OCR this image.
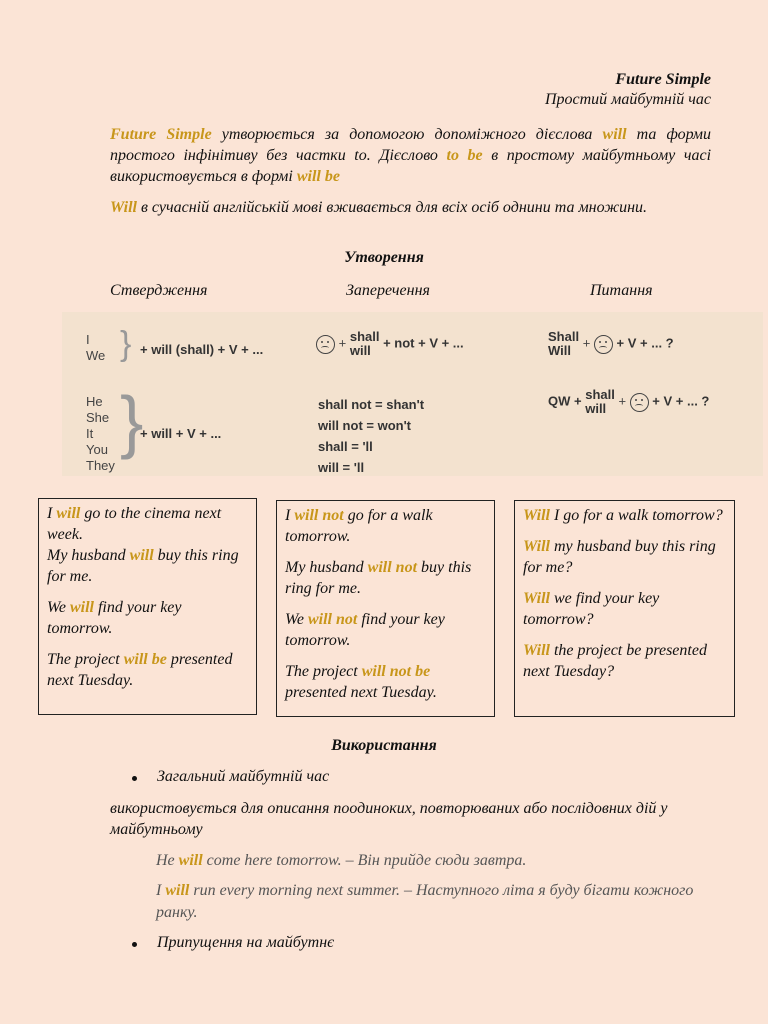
Future Simple
Простий майбутній час
Future Simple утворюється за допомогою допоміжного дієслова will та форми простого інфінітиву без частки to. Дієслово to be в простому майбутньому часі використовується в формі will be
Will в сучасній англійській мові вживається для всіх осіб однини та множини.
Утворення
Ствердження	Заперечення	Питання
I
We } + will (shall) + V + ...
He
She
It
You
They
}
+ will + V + ...
+ shall
will + not + V + ...
shall not = shan't
will not = won't
shall = 'll
will = 'll
Shall
Will +  + V + ... ?
QW + shall
will +  + V + ... ?

I will go to the cinema next week.
My husband will buy this ring for me.

We will find your key tomorrow.

The project will be presented next Tuesday.

I will not go for a walk tomorrow.

My husband will not buy this ring for me.

We will not find your key tomorrow.

The project will not be presented next Tuesday.

Will I go for a walk tomorrow?

Will my husband buy this ring for me?

Will we find your key tomorrow?

Will the project be presented next Tuesday?

Використання
Загальний майбутній час
використовується для описання поодиноких, повторюваних або послідовних дій у майбутньому
He will come here tomorrow. – Він прийде сюди завтра.
I will run every morning next summer. – Наступного літа я буду бігати кожного ранку.
Припущення на майбутнє
